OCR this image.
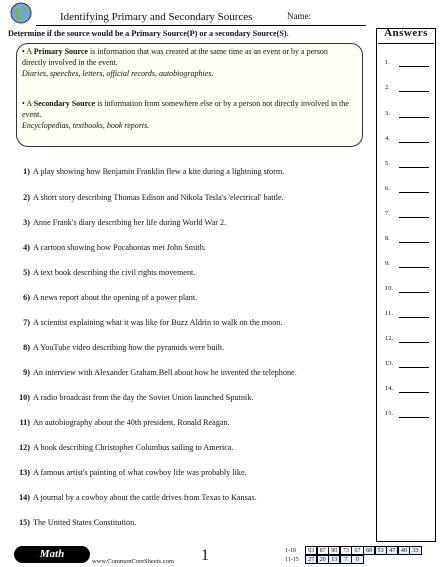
Identifying Primary and Secondary Sources	Name:
Answers
Determine if the source would be a Primary Source(P) or a secondary Source(S).
• A Primary Source is information that was created at the same time as an event or by a person directly involved in the event.
Diaries, speeches, letters, official records, autobiographies.
• A Secondary Source is information from somewhere else or by a person not directly involved in the event.
Encyclopedias, textbooks, book reports.
1) A play showing how Benjamin Franklin flew a kite during a lightning storm.
2) A short story describing Thomas Edison and Nikola Tesla's 'electrical' battle.
3) Anne Frank's diary describing her life during World War 2.
4) A cartoon showing how Pocahontas met John Smith.
5) A text book describing the civil rights movement.
6) A news report about the opening of a power plant.
7) A scientist explaining what it was like for Buzz Aldrin to walk on the moon.
8) A YouTube video describing how the pyramids were built.
9) An interview with Alexander Graham Bell about how he invented the telephone.
10) A radio broadcast from the day the Soviet Union launched Sputnik.
11) An autobiography about the 40th president, Ronald Reagan.
12) A book describing Christopher Columbus sailing to America.
13) A famous artist's painting of what cowboy life was probably like.
14) A journal by a cowboy about the cattle drives from Texas to Kansas.
15) The United States Constitution.
1.
2.
3.
4.
5.
6.
7.
8.
9.
10.
11.
12.
13.
14.
15.
Math
www.CommonCoreSheets.com 1	1-10 93 87 80 73 67 60 53 47 40 33
11-15 27 20 13 7 0
